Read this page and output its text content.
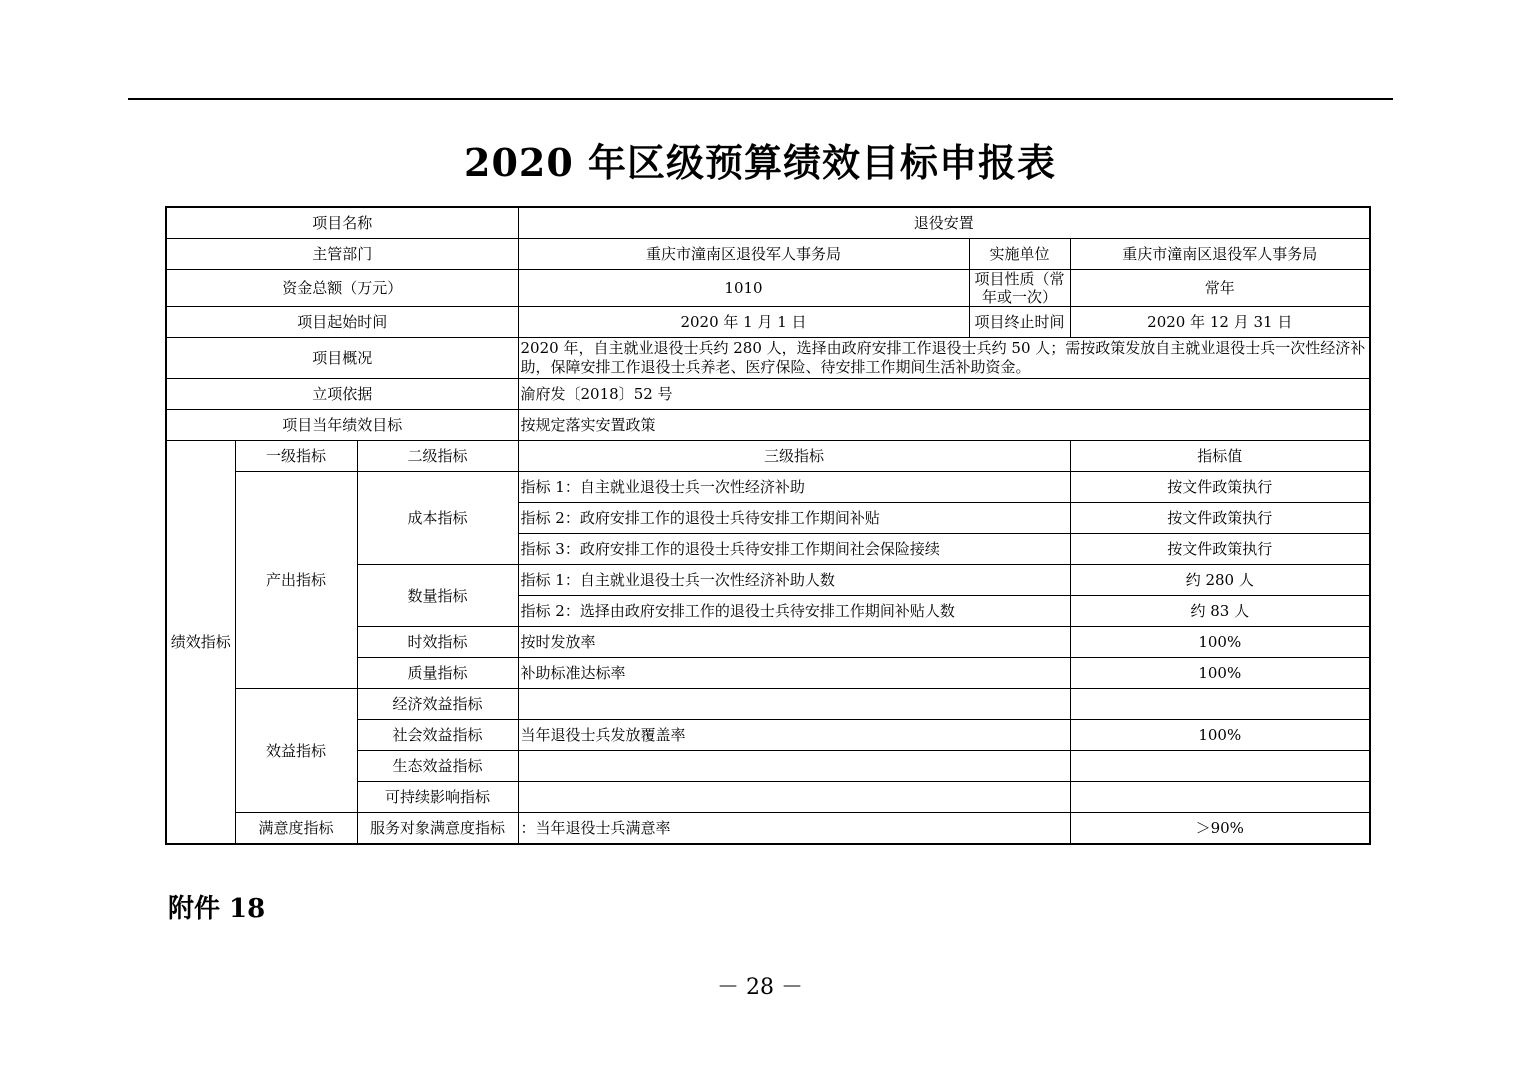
2020 年区级预算绩效目标申报表
项目名称			退役安置		
主管部门			重庆市潼南区退役军人事务局	实施单位	重庆市潼南区退役军人事务局
资金总额（万元）			1010	项目性质（常年或一次）	常年
项目起始时间			2020 年 1 月 1 日	项目终止时间	2020 年 12 月 31 日
项目概况			2020 年，自主就业退役士兵约 280 人，选择由政府安排工作退役士兵约 50 人；需按政策发放自主就业退役士兵一次性经济补助，保障安排工作退役士兵养老、医疗保险、待安排工作期间生活补助资金。		
立项依据			渝府发〔2018〕52 号		
项目当年绩效目标			按规定落实安置政策		
绩效指标	一级指标	二级指标	三级指标		指标值
	产出指标	成本指标	指标 1：自主就业退役士兵一次性经济补助		按文件政策执行
			指标 2：政府安排工作的退役士兵待安排工作期间补贴		按文件政策执行
			指标 3：政府安排工作的退役士兵待安排工作期间社会保险接续		按文件政策执行
		数量指标	指标 1：自主就业退役士兵一次性经济补助人数		约 280 人
			指标 2：选择由政府安排工作的退役士兵待安排工作期间补贴人数		约 83 人
		时效指标	按时发放率		100%
		质量指标	补助标准达标率		100%
	效益指标	经济效益指标			
		社会效益指标	当年退役士兵发放覆盖率		100%
		生态效益指标			
		可持续影响指标			
	满意度指标	服务对象满意度指标	：当年退役士兵满意率		＞90%
附件 18
－ 28 －
